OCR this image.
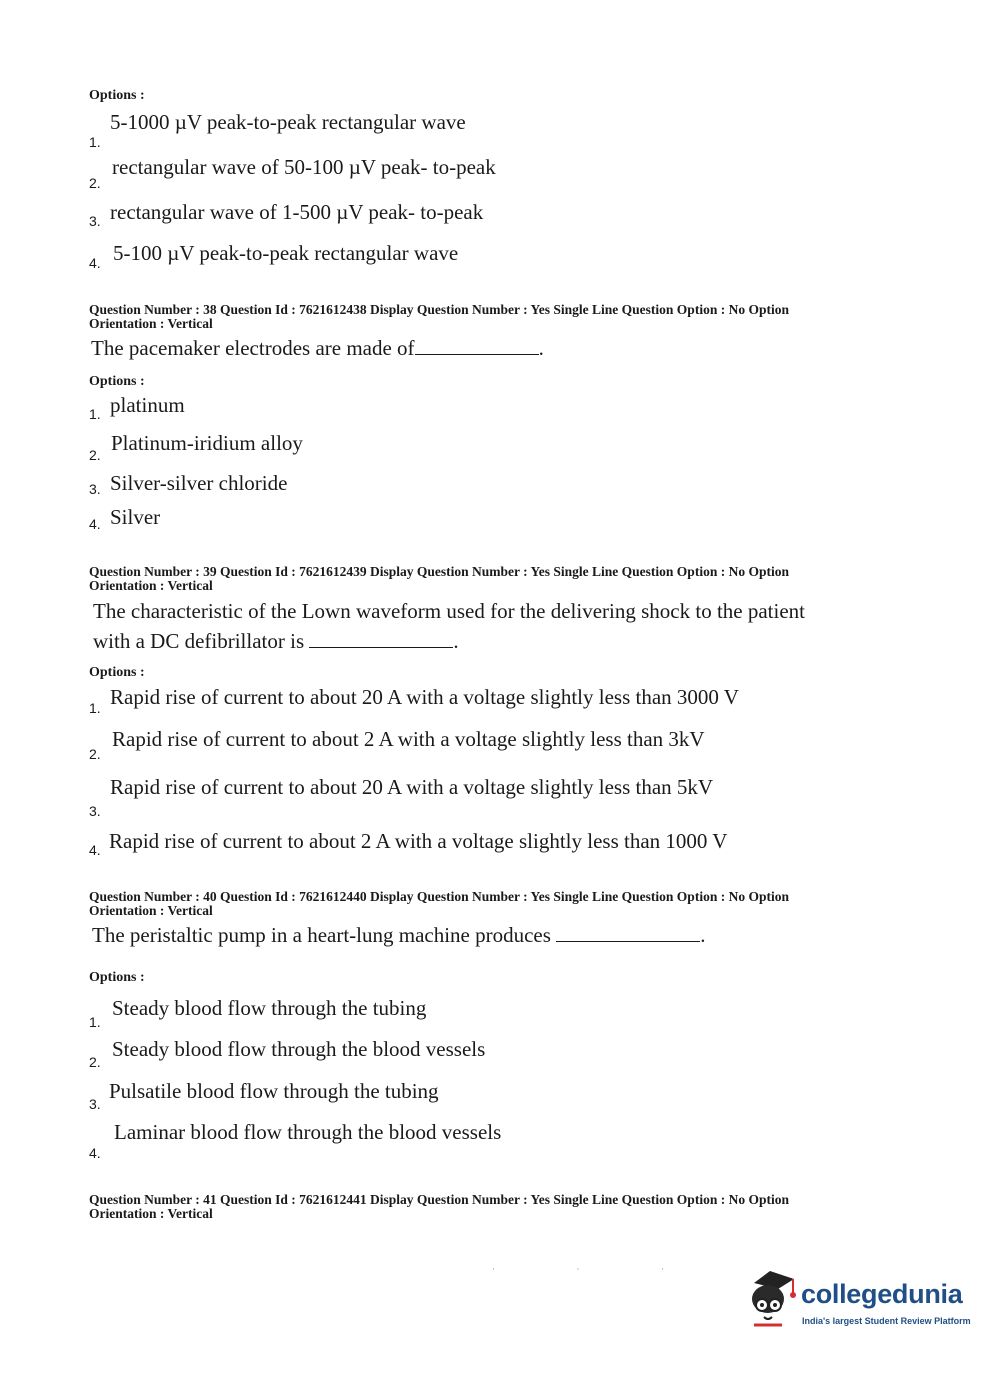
Options :
5-1000 µV peak-to-peak rectangular wave
1.
rectangular wave of 50-100 µV peak- to-peak
2.
rectangular wave of 1-500 µV peak- to-peak
3.
5-100 µV peak-to-peak rectangular wave
4.
Question Number : 38 Question Id : 7621612438 Display Question Number : Yes Single Line Question Option : No Option
Orientation : Vertical
The pacemaker electrodes are made of	.
Options :
1. platinum
2. Platinum-iridium alloy
3. Silver-silver chloride
4. Silver
Question Number : 39 Question Id : 7621612439 Display Question Number : Yes Single Line Question Option : No Option
Orientation : Vertical
The characteristic of the Lown waveform used for the delivering shock to the patient
with a DC defibrillator is	.
Options :
1. Rapid rise of current to about 20 A with a voltage slightly less than 3000 V
2.
Rapid rise of current to about 2 A with a voltage slightly less than 3kV
3.
Rapid rise of current to about 20 A with a voltage slightly less than 5kV
4. Rapid rise of current to about 2 A with a voltage slightly less than 1000 V
Question Number : 40 Question Id : 7621612440 Display Question Number : Yes Single Line Question Option : No Option
Orientation : Vertical
The peristaltic pump in a heart-lung machine produces	.
Options :
1.
Steady blood flow through the tubing
2.
Steady blood flow through the blood vessels
3.
Pulsatile blood flow through the tubing
4.
Laminar blood flow through the blood vessels
Question Number : 41 Question Id : 7621612441 Display Question Number : Yes Single Line Question Option : No Option
Orientation : Vertical
· · ·
collegedunia
India's largest Student Review Platform
